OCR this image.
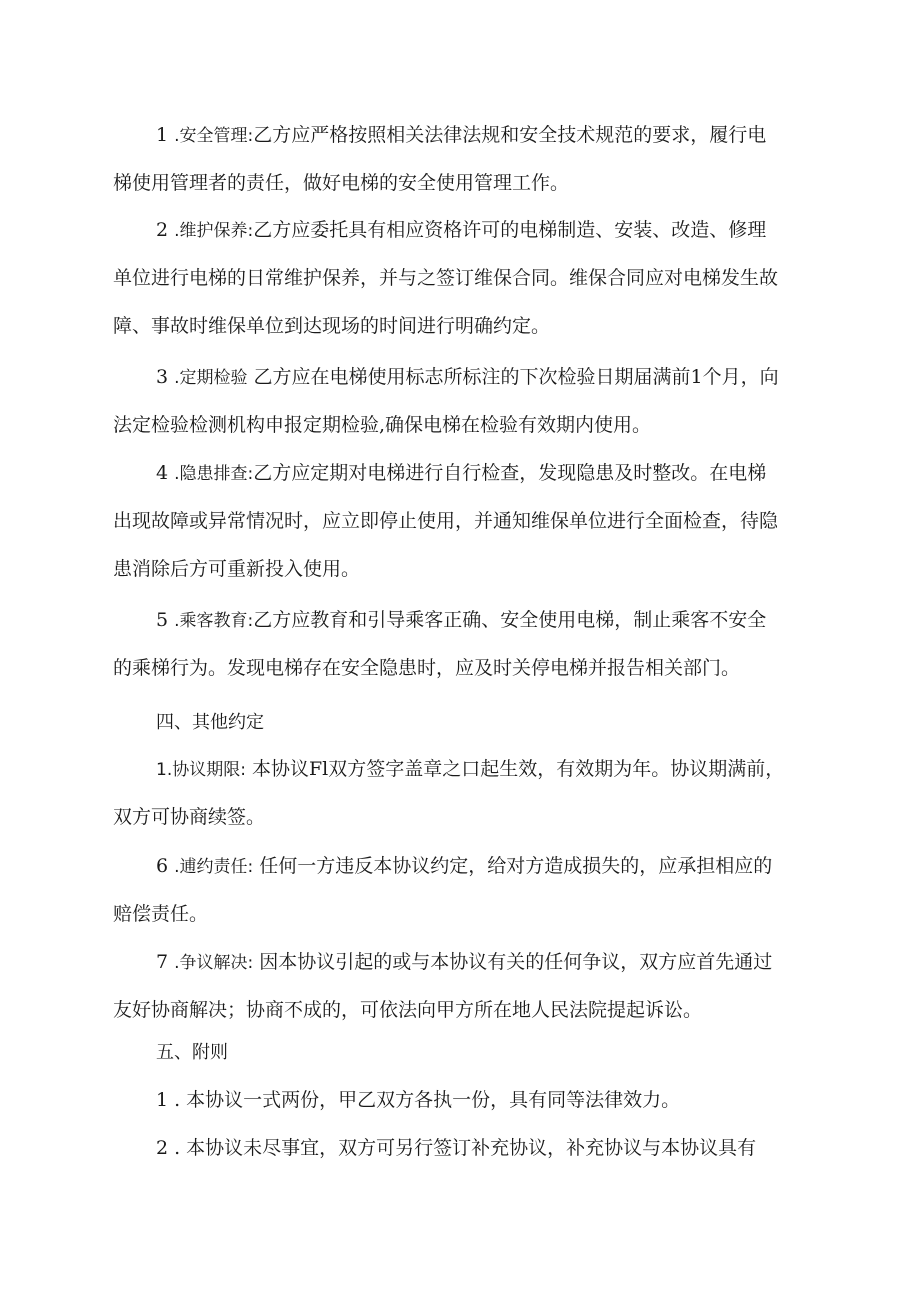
1 .安全管理:乙方应严格按照相关法律法规和安全技术规范的要求，履行电
梯使用管理者的责任，做好电梯的安全使用管理工作。
2 .维护保养:乙方应委托具有相应资格许可的电梯制造、安装、改造、修理
单位进行电梯的日常维护保养，并与之签订维保合同。维保合同应对电梯发生故
障、事故时维保单位到达现场的时间进行明确约定。
3 .定期检验 乙方应在电梯使用标志所标注的下次检验日期届满前1个月，向
法定检验检测机构申报定期检验,确保电梯在检验有效期内使用。
4 .隐患排查:乙方应定期对电梯进行自行检查，发现隐患及时整改。在电梯
出现故障或异常情况时，应立即停止使用，并通知维保单位进行全面检查，待隐
患消除后方可重新投入使用。
5 .乘客教育:乙方应教育和引导乘客正确、安全使用电梯，制止乘客不安全
的乘梯行为。发现电梯存在安全隐患时，应及时关停电梯并报告相关部门。
四、其他约定
1.协议期限: 本协议Fl双方签字盖章之口起生效，有效期为年。协议期满前，
双方可协商续签。
6 .逋约责任: 任何一方违反本协议约定，给对方造成损失的，应承担相应的
赔偿责任。
7 .争议解决: 因本协议引起的或与本协议有关的任何争议，双方应首先通过
友好协商解决；协商不成的，可依法向甲方所在地人民法院提起诉讼。
五、附则
1 . 本协议一式两份，甲乙双方各执一份，具有同等法律效力。
2 . 本协议未尽事宜，双方可另行签订补充协议，补充协议与本协议具有
